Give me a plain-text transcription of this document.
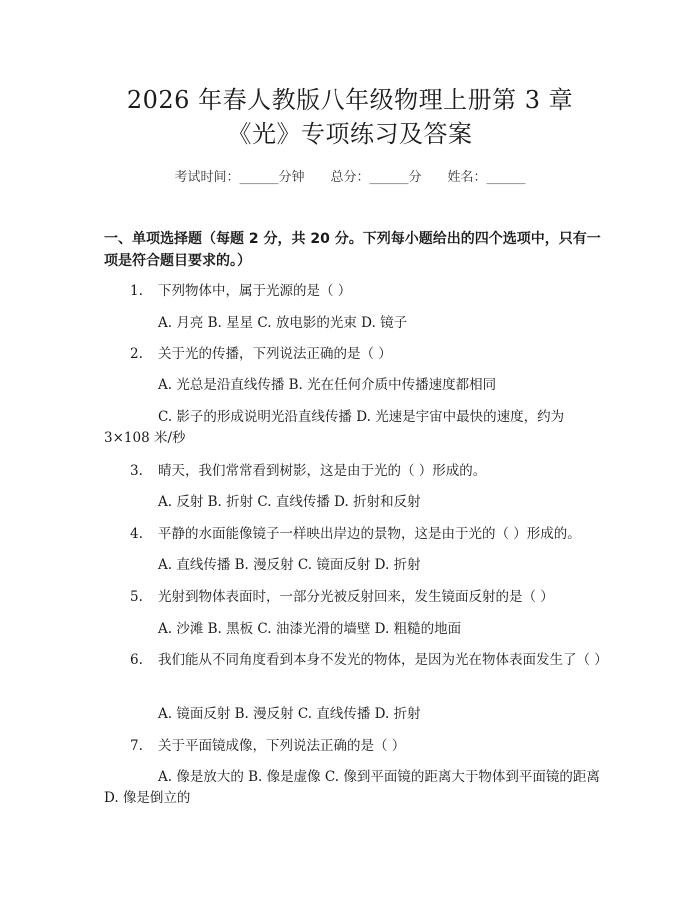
2026 年春人教版八年级物理上册第 3 章
《光》专项练习及答案
考试时间：______分钟 总分：______分 姓名：______
一、单项选择题（每题 2 分，共 20 分。下列每小题给出的四个选项中，只有一项是符合题目要求的。）
1.	下列物体中，属于光源的是（ ）
A. 月亮 B. 星星 C. 放电影的光束 D. 镜子
2.	关于光的传播，下列说法正确的是（ ）
A. 光总是沿直线传播 B. 光在任何介质中传播速度都相同
C. 影子的形成说明光沿直线传播 D. 光速是宇宙中最快的速度，约为 3×108 米/秒
3.	晴天，我们常常看到树影，这是由于光的（ ）形成的。
A. 反射 B. 折射 C. 直线传播 D. 折射和反射
4.	平静的水面能像镜子一样映出岸边的景物，这是由于光的（ ）形成的。
A. 直线传播 B. 漫反射 C. 镜面反射 D. 折射
5.	光射到物体表面时，一部分光被反射回来，发生镜面反射的是（ ）
A. 沙滩 B. 黑板 C. 油漆光滑的墙壁 D. 粗糙的地面
6.	我们能从不同角度看到本身不发光的物体，是因为光在物体表面发生了（ ）
A. 镜面反射 B. 漫反射 C. 直线传播 D. 折射
7.	关于平面镜成像，下列说法正确的是（ ）
A. 像是放大的 B. 像是虚像 C. 像到平面镜的距离大于物体到平面镜的距离 D. 像是倒立的
